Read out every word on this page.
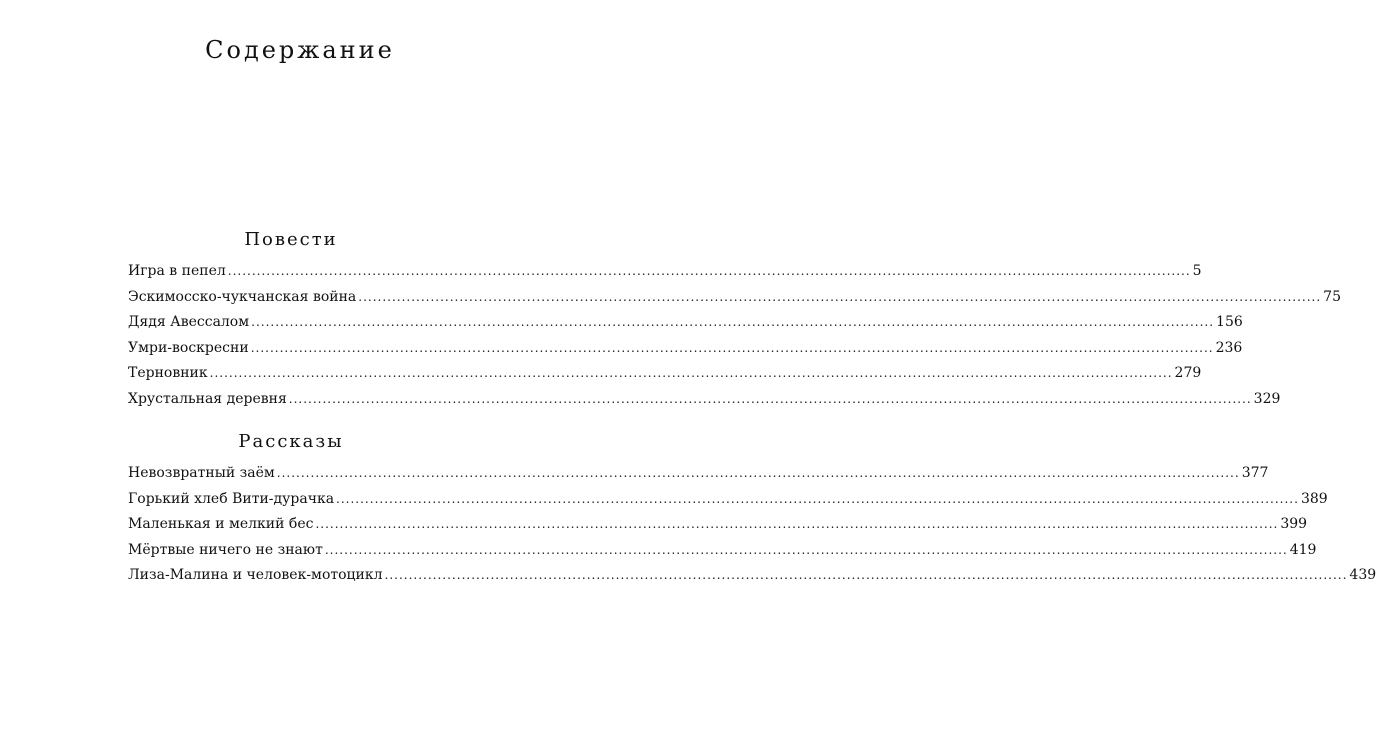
Содержание
Повести
Игра в пепел ........................................................................................................................................................................................................ 5
Эскимосско-чукчанская война ........................................................................................................................................................................................................ 75
Дядя Авессалом ........................................................................................................................................................................................................ 156
Умри-воскресни ........................................................................................................................................................................................................ 236
Терновник ........................................................................................................................................................................................................ 279
Хрустальная деревня ........................................................................................................................................................................................................ 329
Рассказы
Невозвратный заём ........................................................................................................................................................................................................ 377
Горький хлеб Вити-дурачка ........................................................................................................................................................................................................ 389
Маленькая и мелкий бес ........................................................................................................................................................................................................ 399
Мёртвые ничего не знают ........................................................................................................................................................................................................ 419
Лиза-Малина и человек-мотоцикл ........................................................................................................................................................................................................ 439
